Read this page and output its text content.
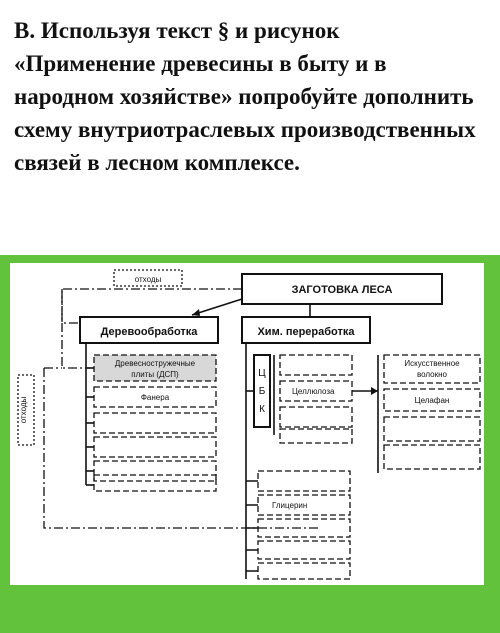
В. Используя текст § и рисунок «Применение древесины в быту и в народном хозяйстве» попробуйте дополнить схему внутриотраслевых производственных связей в лесном комплексе.

отходы
ЗАГОТОВКА ЛЕСА
отходы
Деревообработка	Хим. переработка
Древесностружечные
плиты (ДСП)
Фанера
Ц
Б
К
Целлюлоза
Искусственное
волокно
Целафан
Глицерин
